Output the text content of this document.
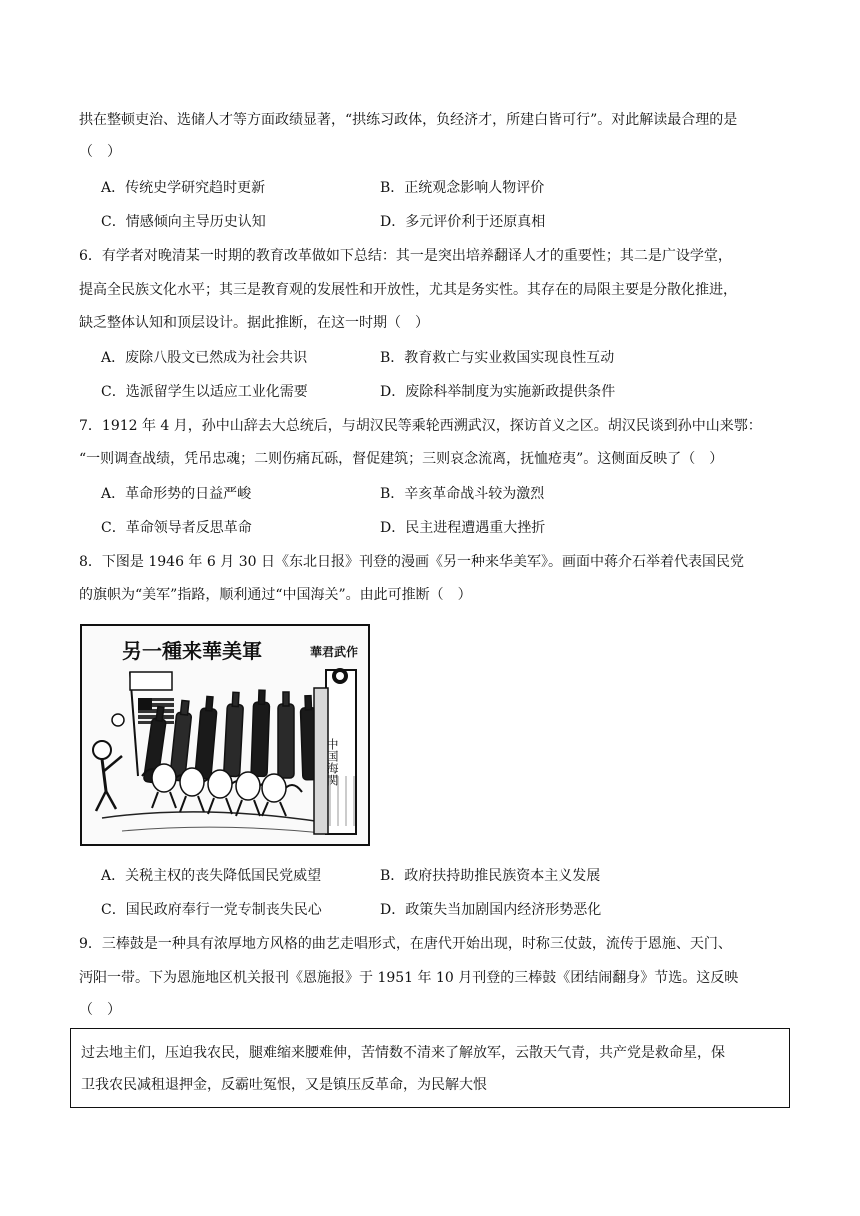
拱在整顿吏治、选储人才等方面政绩显著，“拱练习政体，负经济才，所建白皆可行”。对此解读最合理的是
（　）
A．传统史学研究趋时更新	B．正统观念影响人物评价
C．情感倾向主导历史认知	D．多元评价利于还原真相
6．有学者对晚清某一时期的教育改革做如下总结：其一是突出培养翻译人才的重要性；其二是广设学堂，
提高全民族文化水平；其三是教育观的发展性和开放性，尤其是务实性。其存在的局限主要是分散化推进，
缺乏整体认知和顶层设计。据此推断，在这一时期（　）
A．废除八股文已然成为社会共识	B．教育救亡与实业救国实现良性互动
C．选派留学生以适应工业化需要	D．废除科举制度为实施新政提供条件
7．1912 年 4 月，孙中山辞去大总统后，与胡汉民等乘轮西溯武汉，探访首义之区。胡汉民谈到孙中山来鄂：
“一则调查战绩，凭吊忠魂；二则伤痛瓦砾，督促建筑；三则哀念流离，抚恤疮夷”。这侧面反映了（　）
A．革命形势的日益严峻	B．辛亥革命战斗较为激烈
C．革命领导者反思革命	D．民主进程遭遇重大挫折
8．下图是 1946 年 6 月 30 日《东北日报》刊登的漫画《另一种来华美军》。画面中蒋介石举着代表国民党
的旗帜为“美军”指路，顺利通过“中国海关”。由此可推断（　）
另一種来華美軍	華君武作
中国海関
A．关税主权的丧失降低国民党威望	B．政府扶持助推民族资本主义发展
C．国民政府奉行一党专制丧失民心	D．政策失当加剧国内经济形势恶化
9．三棒鼓是一种具有浓厚地方风格的曲艺走唱形式，在唐代开始出现，时称三仗鼓，流传于恩施、天门、
沔阳一带。下为恩施地区机关报刊《恩施报》于 1951 年 10 月刊登的三棒鼓《团结闹翻身》节选。这反映
（　）
过去地主们，压迫我农民，腿难缩来腰难伸，苦情数不清来了解放军，云散天气青，共产党是救命星，保
卫我农民减租退押金，反霸吐冤恨，又是镇压反革命，为民解大恨
